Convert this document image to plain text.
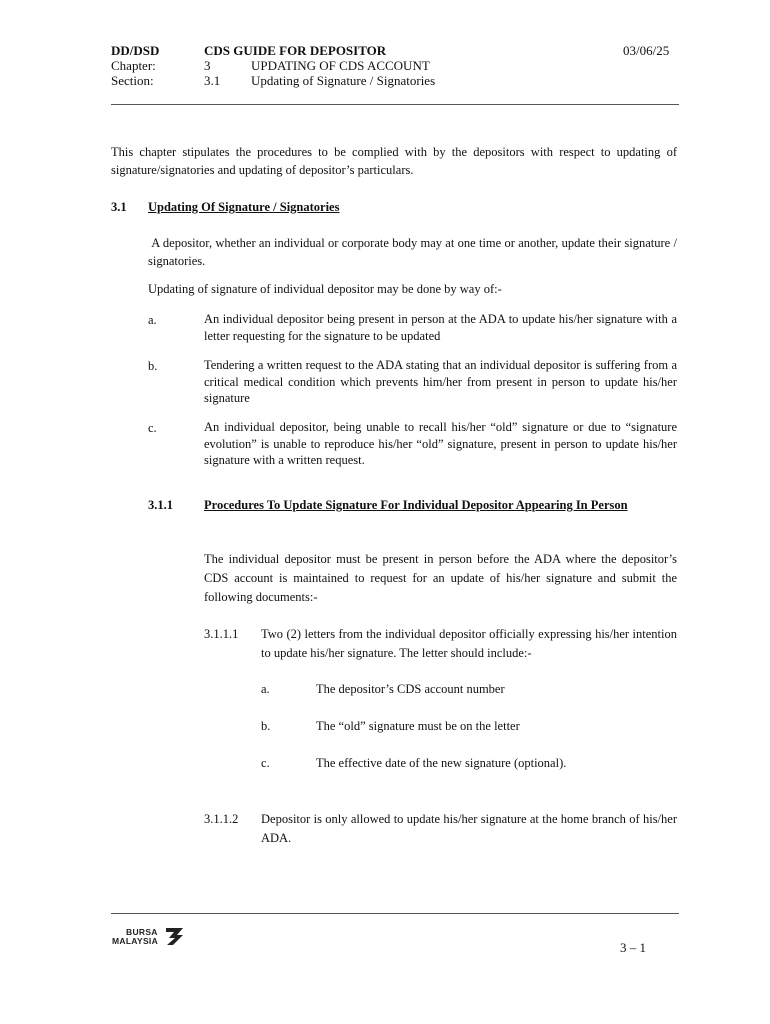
DD/DSD	CDS GUIDE FOR DEPOSITOR	03/06/25
Chapter:	3	UPDATING OF CDS ACCOUNT
Section:	3.1 Updating of Signature / Signatories
This chapter stipulates the procedures to be complied with by the depositors with respect to updating of signature/signatories and updating of depositor’s particulars.
3.1 Updating Of Signature / Signatories
A depositor, whether an individual or corporate body may at one time or another, update their signature / signatories.
Updating of signature of individual depositor may be done by way of:-
a.	An individual depositor being present in person at the ADA to update his/her signature with a letter requesting for the signature to be updated
b.	Tendering a written request to the ADA stating that an individual depositor is suffering from a critical medical condition which prevents him/her from present in person to update his/her signature
c.	An individual depositor, being unable to recall his/her “old” signature or due to “signature evolution” is unable to reproduce his/her “old” signature, present in person to update his/her signature with a written request.
3.1.1 Procedures To Update Signature For Individual Depositor Appearing In Person
The individual depositor must be present in person before the ADA where the depositor’s CDS account is maintained to request for an update of his/her signature and submit the following documents:-
3.1.1.1 Two (2) letters from the individual depositor officially expressing his/her intention to update his/her signature. The letter should include:-
a.	The depositor’s CDS account number
b.	The “old” signature must be on the letter
c.	The effective date of the new signature (optional).
3.1.1.2 Depositor is only allowed to update his/her signature at the home branch of his/her ADA.
BURSA
MALAYSIA	3 – 1
